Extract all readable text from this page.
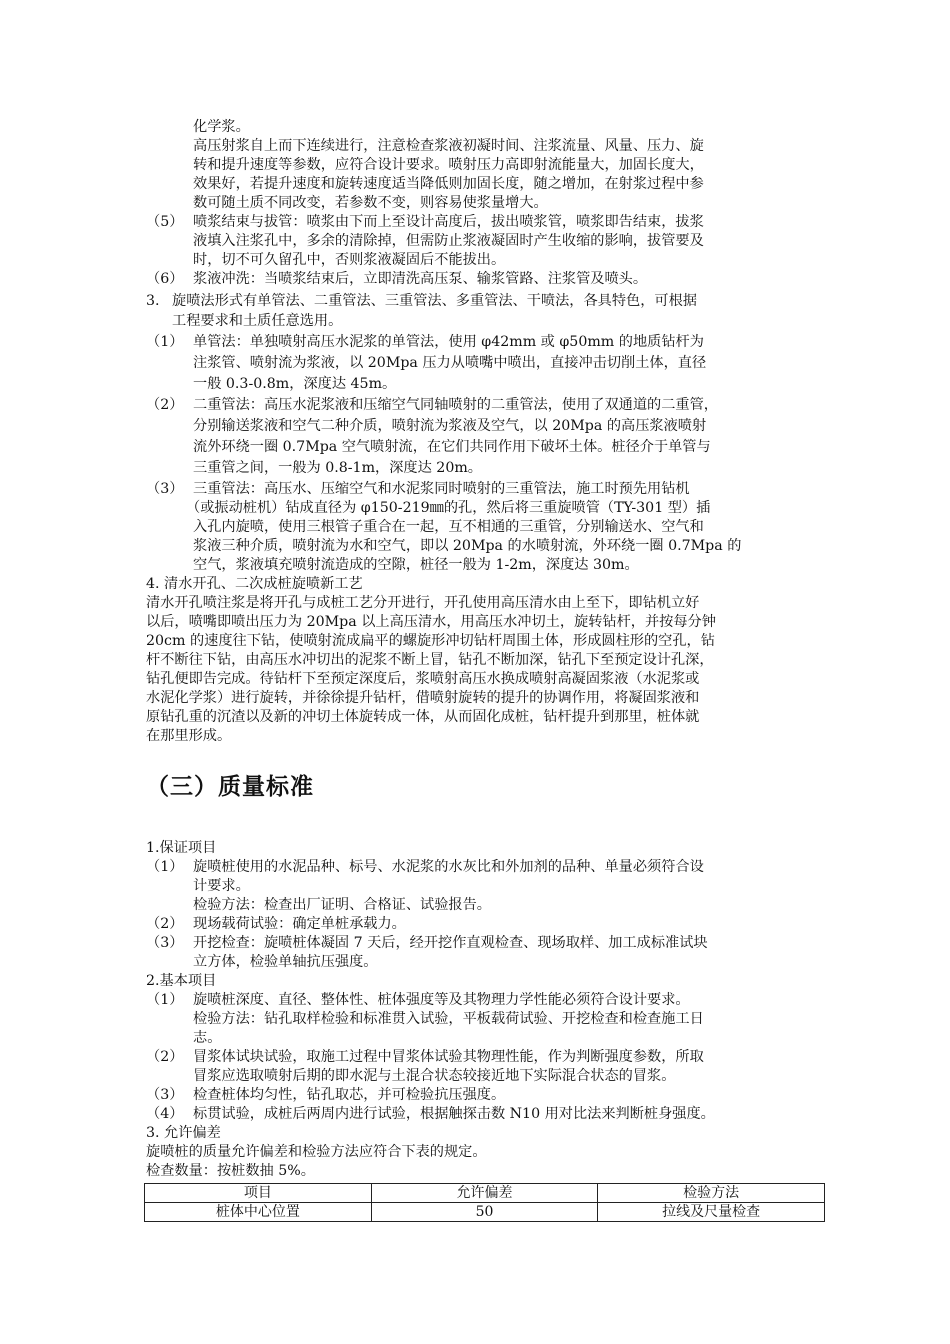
化学浆。
高压射浆自上而下连续进行，注意检查浆液初凝时间、注浆流量、风量、压力、旋
转和提升速度等参数，应符合设计要求。喷射压力高即射流能量大，加固长度大，
效果好，若提升速度和旋转速度适当降低则加固长度，随之增加，在射浆过程中参
数可随土质不同改变，若参数不变，则容易使浆量增大。
（5） 喷浆结束与拔管：喷浆由下而上至设计高度后，拔出喷浆管，喷浆即告结束，拔浆
液填入注浆孔中，多余的清除掉，但需防止浆液凝固时产生收缩的影响，拔管要及
时，切不可久留孔中，否则浆液凝固后不能拔出。
（6） 浆液冲洗：当喷浆结束后，立即清洗高压泵、输浆管路、注浆管及喷头。
3. 旋喷法形式有单管法、二重管法、三重管法、多重管法、干喷法，各具特色，可根据
工程要求和土质任意选用。
（1） 单管法：单独喷射高压水泥浆的单管法，使用 φ42mm 或 φ50mm 的地质钻杆为
注浆管、喷射流为浆液，以 20Mpa 压力从喷嘴中喷出，直接冲击切削土体，直径
一般 0.3-0.8m，深度达 45m。
（2） 二重管法：高压水泥浆液和压缩空气同轴喷射的二重管法，使用了双通道的二重管，
分别输送浆液和空气二种介质，喷射流为浆液及空气，以 20Mpa 的高压浆液喷射
流外环绕一圈 0.7Mpa 空气喷射流，在它们共同作用下破坏土体。桩径介于单管与
三重管之间，一般为 0.8-1m，深度达 20m。
（3） 三重管法：高压水、压缩空气和水泥浆同时喷射的三重管法，施工时预先用钻机
（或振动桩机）钻成直径为 φ150-219㎜的孔，然后将三重旋喷管（TY-301 型）插
入孔内旋喷，使用三根管子重合在一起，互不相通的三重管，分别输送水、空气和
浆液三种介质，喷射流为水和空气，即以 20Mpa 的水喷射流，外环绕一圈 0.7Mpa 的
空气，浆液填充喷射流造成的空隙，桩径一般为 1-2m，深度达 30m。
4. 清水开孔、二次成桩旋喷新工艺
清水开孔喷注浆是将开孔与成桩工艺分开进行，开孔使用高压清水由上至下，即钻机立好
以后，喷嘴即喷出压力为 20Mpa 以上高压清水，用高压水冲切土，旋转钻杆，并按每分钟
20cm 的速度往下钻，使喷射流成扁平的螺旋形冲切钻杆周围土体，形成圆柱形的空孔，钻
杆不断往下钻，由高压水冲切出的泥浆不断上冒，钻孔不断加深，钻孔下至预定设计孔深，
钻孔便即告完成。待钻杆下至预定深度后，浆喷射高压水换成喷射高凝固浆液（水泥浆或
水泥化学浆）进行旋转，并徐徐提升钻杆，借喷射旋转的提升的协调作用，将凝固浆液和
原钻孔重的沉渣以及新的冲切土体旋转成一体，从而固化成桩，钻杆提升到那里，桩体就
在那里形成。
（三）质量标准
1.保证项目
（1） 旋喷桩使用的水泥品种、标号、水泥浆的水灰比和外加剂的品种、单量必须符合设
计要求。
检验方法：检查出厂证明、合格证、试验报告。
（2） 现场载荷试验：确定单桩承载力。
（3） 开挖检查：旋喷桩体凝固 7 天后，经开挖作直观检查、现场取样、加工成标准试块
立方体，检验单轴抗压强度。
2.基本项目
（1） 旋喷桩深度、直径、整体性、桩体强度等及其物理力学性能必须符合设计要求。
检验方法：钻孔取样检验和标准贯入试验，平板载荷试验、开挖检查和检查施工日
志。
（2） 冒浆体试块试验，取施工过程中冒浆体试验其物理性能，作为判断强度参数，所取
冒浆应选取喷射后期的即水泥与土混合状态较接近地下实际混合状态的冒浆。
（3） 检查桩体均匀性，钻孔取芯，并可检验抗压强度。
（4） 标贯试验，成桩后两周内进行试验，根据触探击数 N10 用对比法来判断桩身强度。
3. 允许偏差
旋喷桩的质量允许偏差和检验方法应符合下表的规定。
检查数量：按桩数抽 5%。
项目	允许偏差	检验方法
桩体中心位置	50	拉线及尺量检查
